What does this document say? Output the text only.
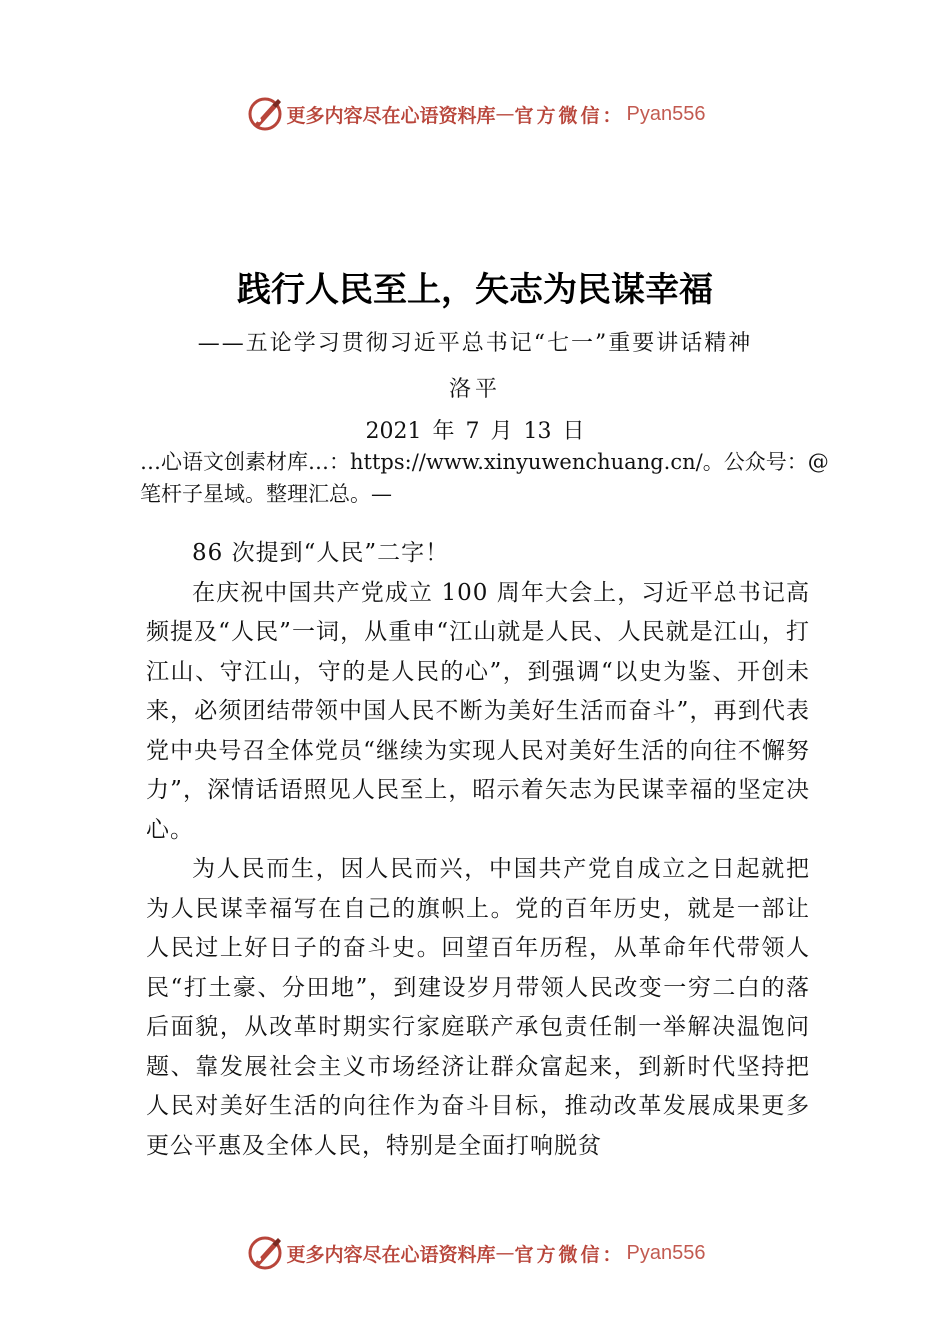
更多内容尽在心语资料库 — 官方微信： Pyan556
践行人民至上，矢志为民谋幸福
——五论学习贯彻习近平总书记“七一”重要讲话精神
洛平
2021 年 7 月 13 日
…心语文创素材库…：https://www.xinyuwenchuang.cn/。公众号：@笔杆子星域。整理汇总。—

86 次提到“人民”二字！

在庆祝中国共产党成立 100 周年大会上，习近平总书记高频提及“人民”一词，从重申“江山就是人民、人民就是江山，打江山、守江山，守的是人民的心”，到强调“以史为鉴、开创未来，必须团结带领中国人民不断为美好生活而奋斗”，再到代表党中央号召全体党员“继续为实现人民对美好生活的向往不懈努力”，深情话语照见人民至上，昭示着矢志为民谋幸福的坚定决心。

为人民而生，因人民而兴，中国共产党自成立之日起就把为人民谋幸福写在自己的旗帜上。党的百年历史，就是一部让人民过上好日子的奋斗史。回望百年历程，从革命年代带领人民“打土豪、分田地”，到建设岁月带领人民改变一穷二白的落后面貌，从改革时期实行家庭联产承包责任制一举解决温饱问题、靠发展社会主义市场经济让群众富起来，到新时代坚持把人民对美好生活的向往作为奋斗目标，推动改革发展成果更多更公平惠及全体人民，特别是全面打响脱贫

更多内容尽在心语资料库 — 官方微信： Pyan556
